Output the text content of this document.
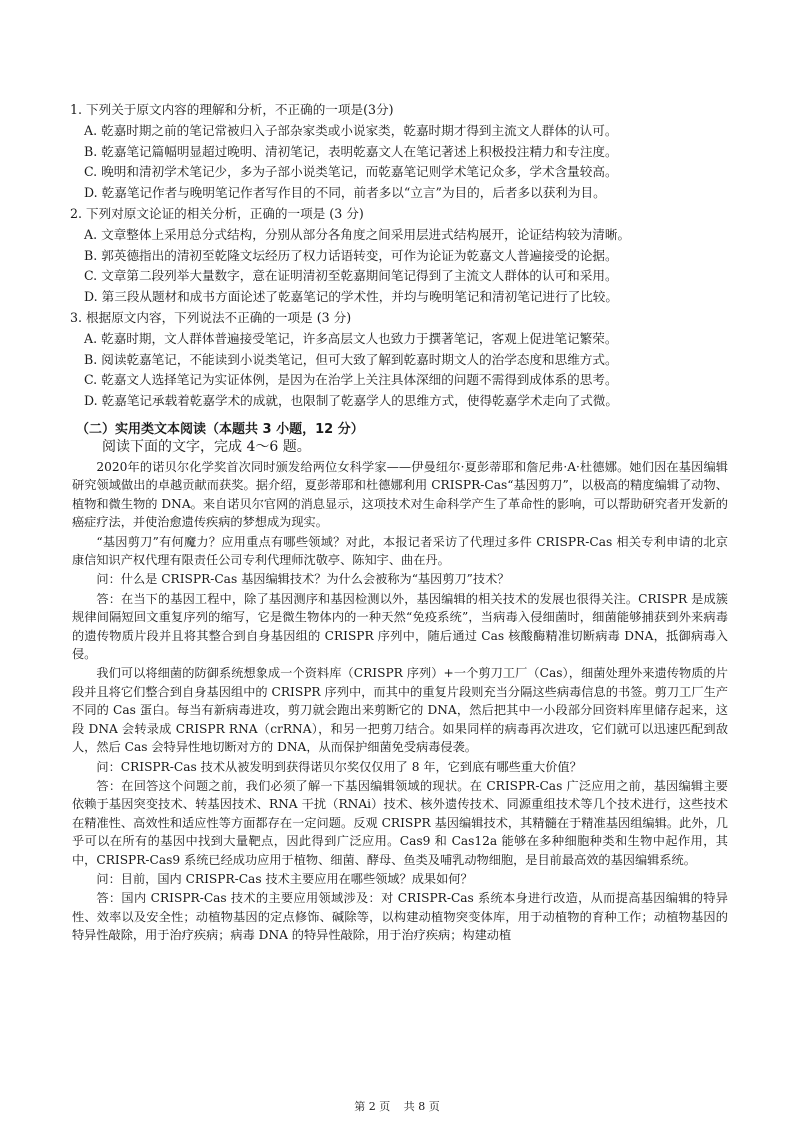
1. 下列关于原文内容的理解和分析，不正确的一项是(3分)
A. 乾嘉时期之前的笔记常被归入子部杂家类或小说家类，乾嘉时期才得到主流文人群体的认可。
B. 乾嘉笔记篇幅明显超过晚明、清初笔记，表明乾嘉文人在笔记著述上积极投注精力和专注度。
C. 晚明和清初学术笔记少，多为子部小说类笔记，而乾嘉笔记则学术笔记众多，学术含量较高。
D. 乾嘉笔记作者与晚明笔记作者写作目的不同，前者多以“立言”为目的，后者多以获利为目。
2. 下列对原文论证的相关分析，正确的一项是 (3 分)
A. 文章整体上采用总分式结构，分别从部分各角度之间采用层进式结构展开，论证结构较为清晰。
B. 郭英德指出的清初至乾隆文坛经历了权力话语转变，可作为论证为乾嘉文人普遍接受的论据。
C. 文章第二段列举大量数字，意在证明清初至乾嘉期间笔记得到了主流文人群体的认可和采用。
D. 第三段从题材和成书方面论述了乾嘉笔记的学术性，并均与晚明笔记和清初笔记进行了比较。
3. 根据原文内容，下列说法不正确的一项是 (3 分)
A. 乾嘉时期，文人群体普遍接受笔记，许多高层文人也致力于撰著笔记，客观上促进笔记繁荣。
B. 阅读乾嘉笔记，不能读到小说类笔记，但可大致了解到乾嘉时期文人的治学态度和思维方式。
C. 乾嘉文人选择笔记为实证体例，是因为在治学上关注具体深细的问题不需得到成体系的思考。
D. 乾嘉笔记承载着乾嘉学术的成就，也限制了乾嘉学人的思维方式，使得乾嘉学术走向了式微。
（二）实用类文本阅读（本题共 3 小题，12 分）
阅读下面的文字，完成 4～6 题。

2020年的诺贝尔化学奖首次同时颁发给两位女科学家——伊曼纽尔·夏彭蒂耶和詹尼弗·A·杜德娜。她们因在基因编辑研究领域做出的卓越贡献而获奖。据介绍，夏彭蒂耶和杜德娜利用 CRISPR-Cas“基因剪刀”，以极高的精度编辑了动物、植物和微生物的 DNA。来自诺贝尔官网的消息显示，这项技术对生命科学产生了革命性的影响，可以帮助研究者开发新的癌症疗法，并使治愈遗传疾病的梦想成为现实。

“基因剪刀”有何魔力？应用重点有哪些领域？对此，本报记者采访了代理过多件 CRISPR-Cas 相关专利申请的北京康信知识产权代理有限责任公司专利代理师沈敬亭、陈知宇、曲在丹。

问：什么是 CRISPR-Cas 基因编辑技术？为什么会被称为“基因剪刀”技术？

答：在当下的基因工程中，除了基因测序和基因检测以外，基因编辑的相关技术的发展也很得关注。CRISPR 是成簇规律间隔短回文重复序列的缩写，它是微生物体内的一种天然“免疫系统”，当病毒入侵细菌时，细菌能够捕获到外来病毒的遗传物质片段并且将其整合到自身基因组的 CRISPR 序列中，随后通过 Cas 核酸酶精准切断病毒 DNA，抵御病毒入侵。

我们可以将细菌的防御系统想象成一个资料库（CRISPR 序列）+一个剪刀工厂（Cas），细菌处理外来遗传物质的片段并且将它们整合到自身基因组中的 CRISPR 序列中，而其中的重复片段则充当分隔这些病毒信息的书签。剪刀工厂生产不同的 Cas 蛋白。每当有新病毒进攻，剪刀就会跑出来剪断它的 DNA，然后把其中一小段部分回资料库里储存起来，这段 DNA 会转录成 CRISPR RNA（crRNA），和另一把剪刀结合。如果同样的病毒再次进攻，它们就可以迅速匹配到敌人，然后 Cas 会特异性地切断对方的 DNA，从而保护细菌免受病毒侵袭。

问：CRISPR-Cas 技术从被发明到获得诺贝尔奖仅仅用了 8 年，它到底有哪些重大价值？

答：在回答这个问题之前，我们必须了解一下基因编辑领域的现状。在 CRISPR-Cas 广泛应用之前，基因编辑主要依赖于基因突变技术、转基因技术、RNA 干扰（RNAi）技术、核外遗传技术、同源重组技术等几个技术进行，这些技术在精准性、高效性和适应性等方面都存在一定问题。反观 CRISPR 基因编辑技术，其精髓在于精准基因组编辑。此外，几乎可以在所有的基因中找到大量靶点，因此得到广泛应用。Cas9 和 Cas12a 能够在多种细胞种类和生物中起作用，其中，CRISPR-Cas9 系统已经成功应用于植物、细菌、酵母、鱼类及哺乳动物细胞，是目前最高效的基因编辑系统。

问：目前，国内 CRISPR-Cas 技术主要应用在哪些领域？成果如何？

答：国内 CRISPR-Cas 技术的主要应用领域涉及：对 CRISPR-Cas 系统本身进行改造，从而提高基因编辑的特异性、效率以及安全性；动植物基因的定点修饰、碱除等，以构建动植物突变体库，用于动植物的育种工作；动植物基因的特异性敲除，用于治疗疾病；病毒 DNA 的特异性敲除，用于治疗疾病；构建动植

第 2 页 共 8 页
